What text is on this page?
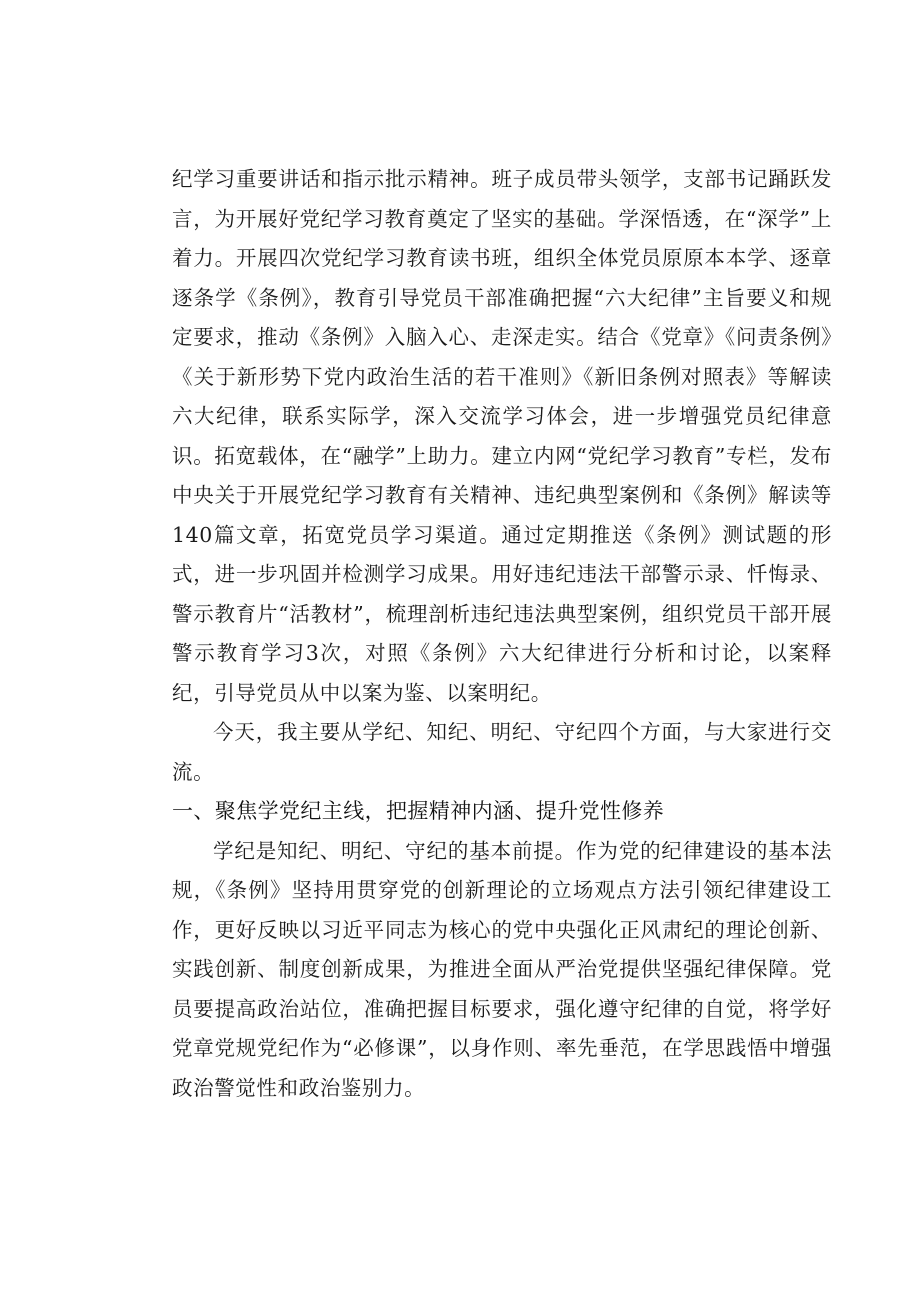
纪学习重要讲话和指示批示精神。班子成员带头领学，支部书记踊跃发言，为开展好党纪学习教育奠定了坚实的基础。学深悟透，在“深学”上着力。开展四次党纪学习教育读书班，组织全体党员原原本本学、逐章逐条学《条例》，教育引导党员干部准确把握“六大纪律”主旨要义和规定要求，推动《条例》入脑入心、走深走实。结合《党章》《问责条例》《关于新形势下党内政治生活的若干准则》《新旧条例对照表》等解读六大纪律，联系实际学，深入交流学习体会，进一步增强党员纪律意识。拓宽载体，在“融学”上助力。建立内网“党纪学习教育”专栏，发布中央关于开展党纪学习教育有关精神、违纪典型案例和《条例》解读等140篇文章，拓宽党员学习渠道。通过定期推送《条例》测试题的形式，进一步巩固并检测学习成果。用好违纪违法干部警示录、忏悔录、警示教育片“活教材”，梳理剖析违纪违法典型案例，组织党员干部开展警示教育学习3次，对照《条例》六大纪律进行分析和讨论，以案释纪，引导党员从中以案为鉴、以案明纪。

今天，我主要从学纪、知纪、明纪、守纪四个方面，与大家进行交流。

一、聚焦学党纪主线，把握精神内涵、提升党性修养

学纪是知纪、明纪、守纪的基本前提。作为党的纪律建设的基本法规，《条例》坚持用贯穿党的创新理论的立场观点方法引领纪律建设工作，更好反映以习近平同志为核心的党中央强化正风肃纪的理论创新、实践创新、制度创新成果，为推进全面从严治党提供坚强纪律保障。党员要提高政治站位，准确把握目标要求，强化遵守纪律的自觉，将学好党章党规党纪作为“必修课”，以身作则、率先垂范，在学思践悟中增强政治警觉性和政治鉴别力。
